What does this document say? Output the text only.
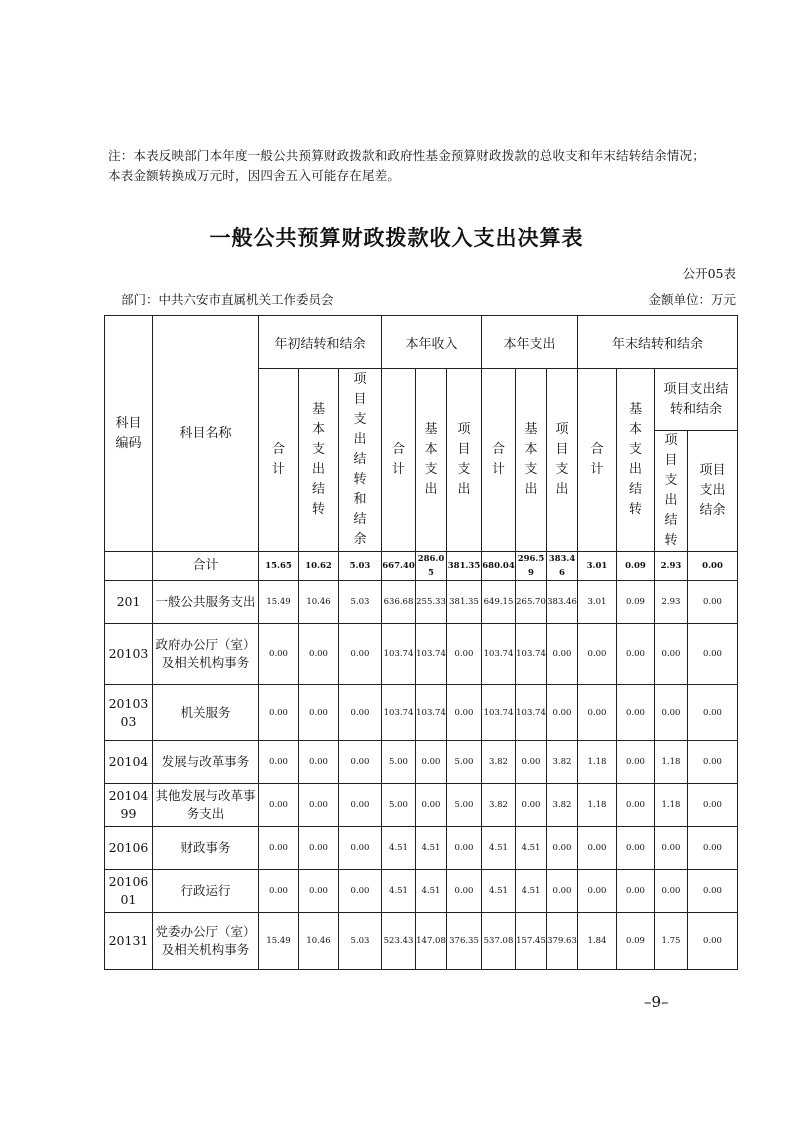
注：本表反映部门本年度一般公共预算财政拨款和政府性基金预算财政拨款的总收支和年末结转结余情况；本表金额转换成万元时，因四舍五入可能存在尾差。
一般公共预算财政拨款收入支出决算表
公开05表
部门：中共六安市直属机关工作委员会	金额单位：万元
科目编码	科目名称	年初结转和结余			本年收入			本年支出			年末结转和结余			
		合计	基本支出结转	项目支出结转和结余	合计	基本支出	项目支出	合计	基本支出	项目支出	合计	基本支出结转	项目支出结转和结余	
													项目支出结转	项目支出结余
	合计	15.65	10.62	5.03	667.40	286.05	381.35	680.04	296.59	383.46	3.01	0.09	2.93	0.00
201	一般公共服务支出	15.49	10.46	5.03	636.68	255.33	381.35	649.15	265.70	383.46	3.01	0.09	2.93	0.00
20103	政府办公厅（室）及相关机构事务	0.00	0.00	0.00	103.74	103.74	0.00	103.74	103.74	0.00	0.00	0.00	0.00	0.00
2010303	机关服务	0.00	0.00	0.00	103.74	103.74	0.00	103.74	103.74	0.00	0.00	0.00	0.00	0.00
20104	发展与改革事务	0.00	0.00	0.00	5.00	0.00	5.00	3.82	0.00	3.82	1.18	0.00	1.18	0.00
2010499	其他发展与改革事务支出	0.00	0.00	0.00	5.00	0.00	5.00	3.82	0.00	3.82	1.18	0.00	1.18	0.00
20106	财政事务	0.00	0.00	0.00	4.51	4.51	0.00	4.51	4.51	0.00	0.00	0.00	0.00	0.00
2010601	行政运行	0.00	0.00	0.00	4.51	4.51	0.00	4.51	4.51	0.00	0.00	0.00	0.00	0.00
20131	党委办公厅（室）及相关机构事务	15.49	10.46	5.03	523.43	147.08	376.35	537.08	157.45	379.63	1.84	0.09	1.75	0.00
–9–
